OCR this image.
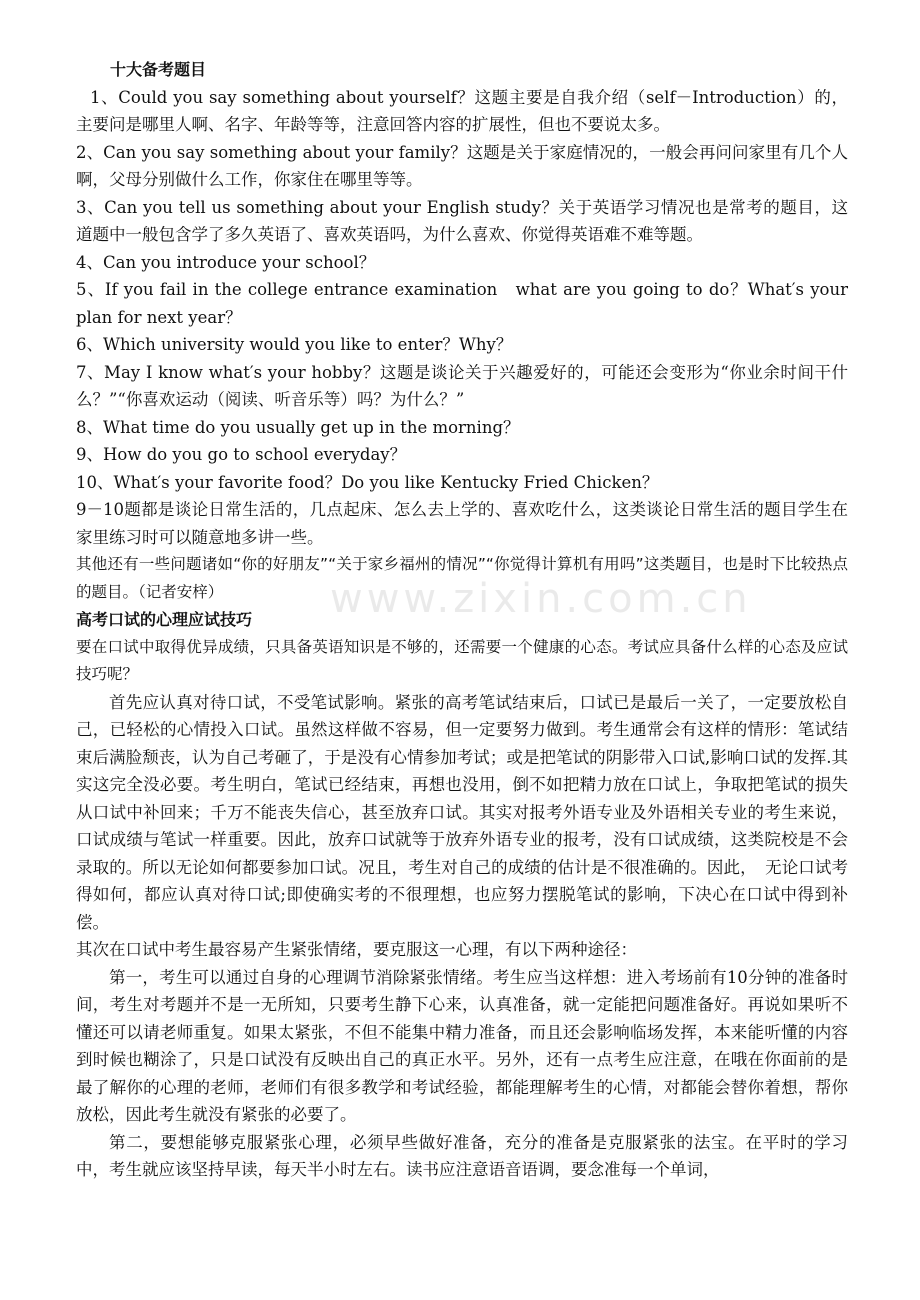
www.zixin.com.cn
十大备考题目
1、Could you say something about yourself？这题主要是自我介绍（self－Introduction）的，主要问是哪里人啊、名字、年龄等等，注意回答内容的扩展性，但也不要说太多。
2、Can you say something about your family？这题是关于家庭情况的，一般会再问问家里有几个人啊，父母分别做什么工作，你家住在哪里等等。
3、Can you tell us something about your English study？关于英语学习情况也是常考的题目，这道题中一般包含学了多久英语了、喜欢英语吗，为什么喜欢、你觉得英语难不难等题。
4、Can you introduce your school？
5、If you fail in the college entrance examination　what are you going to do？What′s your plan for next year？
6、Which university would you like to enter？Why？
7、May I know what′s your hobby？这题是谈论关于兴趣爱好的，可能还会变形为“你业余时间干什么？”“你喜欢运动（阅读、听音乐等）吗？为什么？”
8、What time do you usually get up in the morning？
9、How do you go to school everyday？
10、What′s your favorite food？Do you like Kentucky Fried Chicken？
9－10题都是谈论日常生活的，几点起床、怎么去上学的、喜欢吃什么，这类谈论日常生活的题目学生在家里练习时可以随意地多讲一些。
其他还有一些问题诸如“你的好朋友”“关于家乡福州的情况”“你觉得计算机有用吗”这类题目，也是时下比较热点的题目。（记者安梓）
高考口试的心理应试技巧
要在口试中取得优异成绩，只具备英语知识是不够的，还需要一个健康的心态。考试应具备什么样的心态及应试技巧呢？
首先应认真对待口试，不受笔试影响。紧张的高考笔试结束后，口试已是最后一关了，一定要放松自己，已轻松的心情投入口试。虽然这样做不容易，但一定要努力做到。考生通常会有这样的情形：笔试结束后满脸颓丧，认为自己考砸了，于是没有心情参加考试；或是把笔试的阴影带入口试,影响口试的发挥.其实这完全没必要。考生明白，笔试已经结束，再想也没用，倒不如把精力放在口试上，争取把笔试的损失从口试中补回来；千万不能丧失信心，甚至放弃口试。其实对报考外语专业及外语相关专业的考生来说，口试成绩与笔试一样重要。因此，放弃口试就等于放弃外语专业的报考，没有口试成绩，这类院校是不会录取的。所以无论如何都要参加口试。况且，考生对自己的成绩的估计是不很准确的。因此，　无论口试考得如何，都应认真对待口试;即使确实考的不很理想，也应努力摆脱笔试的影响，下决心在口试中得到补偿。
其次在口试中考生最容易产生紧张情绪，要克服这一心理，有以下两种途径：
第一，考生可以通过自身的心理调节消除紧张情绪。考生应当这样想：进入考场前有10分钟的准备时间，考生对考题并不是一无所知，只要考生静下心来，认真准备，就一定能把问题准备好。再说如果听不懂还可以请老师重复。如果太紧张，不但不能集中精力准备，而且还会影响临场发挥，本来能听懂的内容到时候也糊涂了，只是口试没有反映出自己的真正水平。另外，还有一点考生应注意，在哦在你面前的是最了解你的心理的老师，老师们有很多教学和考试经验，都能理解考生的心情，对都能会替你着想，帮你放松，因此考生就没有紧张的必要了。
第二，要想能够克服紧张心理，必须早些做好准备，充分的准备是克服紧张的法宝。在平时的学习中，考生就应该坚持早读，每天半小时左右。读书应注意语音语调，要念准每一个单词，
